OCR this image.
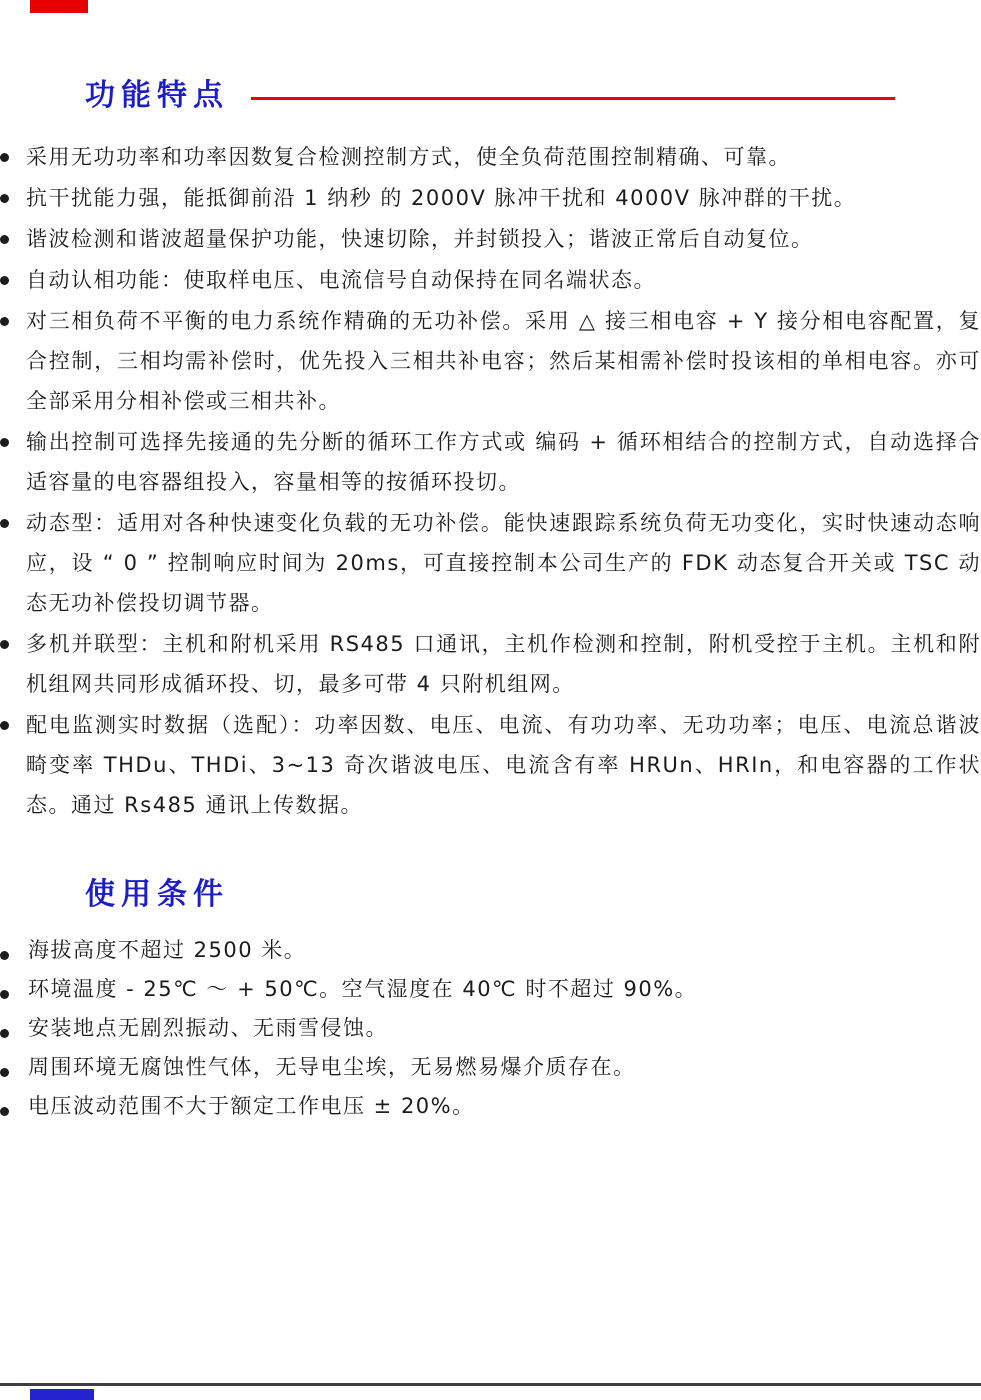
功能特点
采用无功功率和功率因数复合检测控制方式，使全负荷范围控制精确、可靠。
抗干扰能力强，能抵御前沿 1 纳秒 的 2000V 脉冲干扰和 4000V 脉冲群的干扰。
谐波检测和谐波超量保护功能，快速切除，并封锁投入；谐波正常后自动复位。
自动认相功能：使取样电压、电流信号自动保持在同名端状态。
对三相负荷不平衡的电力系统作精确的无功补偿。采用 △ 接三相电容 + Y 接分相电容配置，复合控制，三相均需补偿时，优先投入三相共补电容；然后某相需补偿时投该相的单相电容。亦可全部采用分相补偿或三相共补。
输出控制可选择先接通的先分断的循环工作方式或 编码 + 循环相结合的控制方式，自动选择合适容量的电容器组投入，容量相等的按循环投切。
动态型：适用对各种快速变化负载的无功补偿。能快速跟踪系统负荷无功变化，实时快速动态响应，设 “ 0 ” 控制响应时间为 20ms，可直接控制本公司生产的 FDK 动态复合开关或 TSC 动态无功补偿投切调节器。
多机并联型：主机和附机采用 RS485 口通讯，主机作检测和控制，附机受控于主机。主机和附机组网共同形成循环投、切，最多可带 4 只附机组网。
配电监测实时数据（选配）：功率因数、电压、电流、有功功率、无功功率；电压、电流总谐波畸变率 THDu、THDi、3~13 奇次谐波电压、电流含有率 HRUn、HRIn，和电容器的工作状态。通过 Rs485 通讯上传数据。
使用条件
海拔高度不超过 2500 米。
环境温度 - 25℃ ～ + 50℃。空气湿度在 40℃ 时不超过 90%。
安装地点无剧烈振动、无雨雪侵蚀。
周围环境无腐蚀性气体，无导电尘埃，无易燃易爆介质存在。
电压波动范围不大于额定工作电压 ± 20%。
